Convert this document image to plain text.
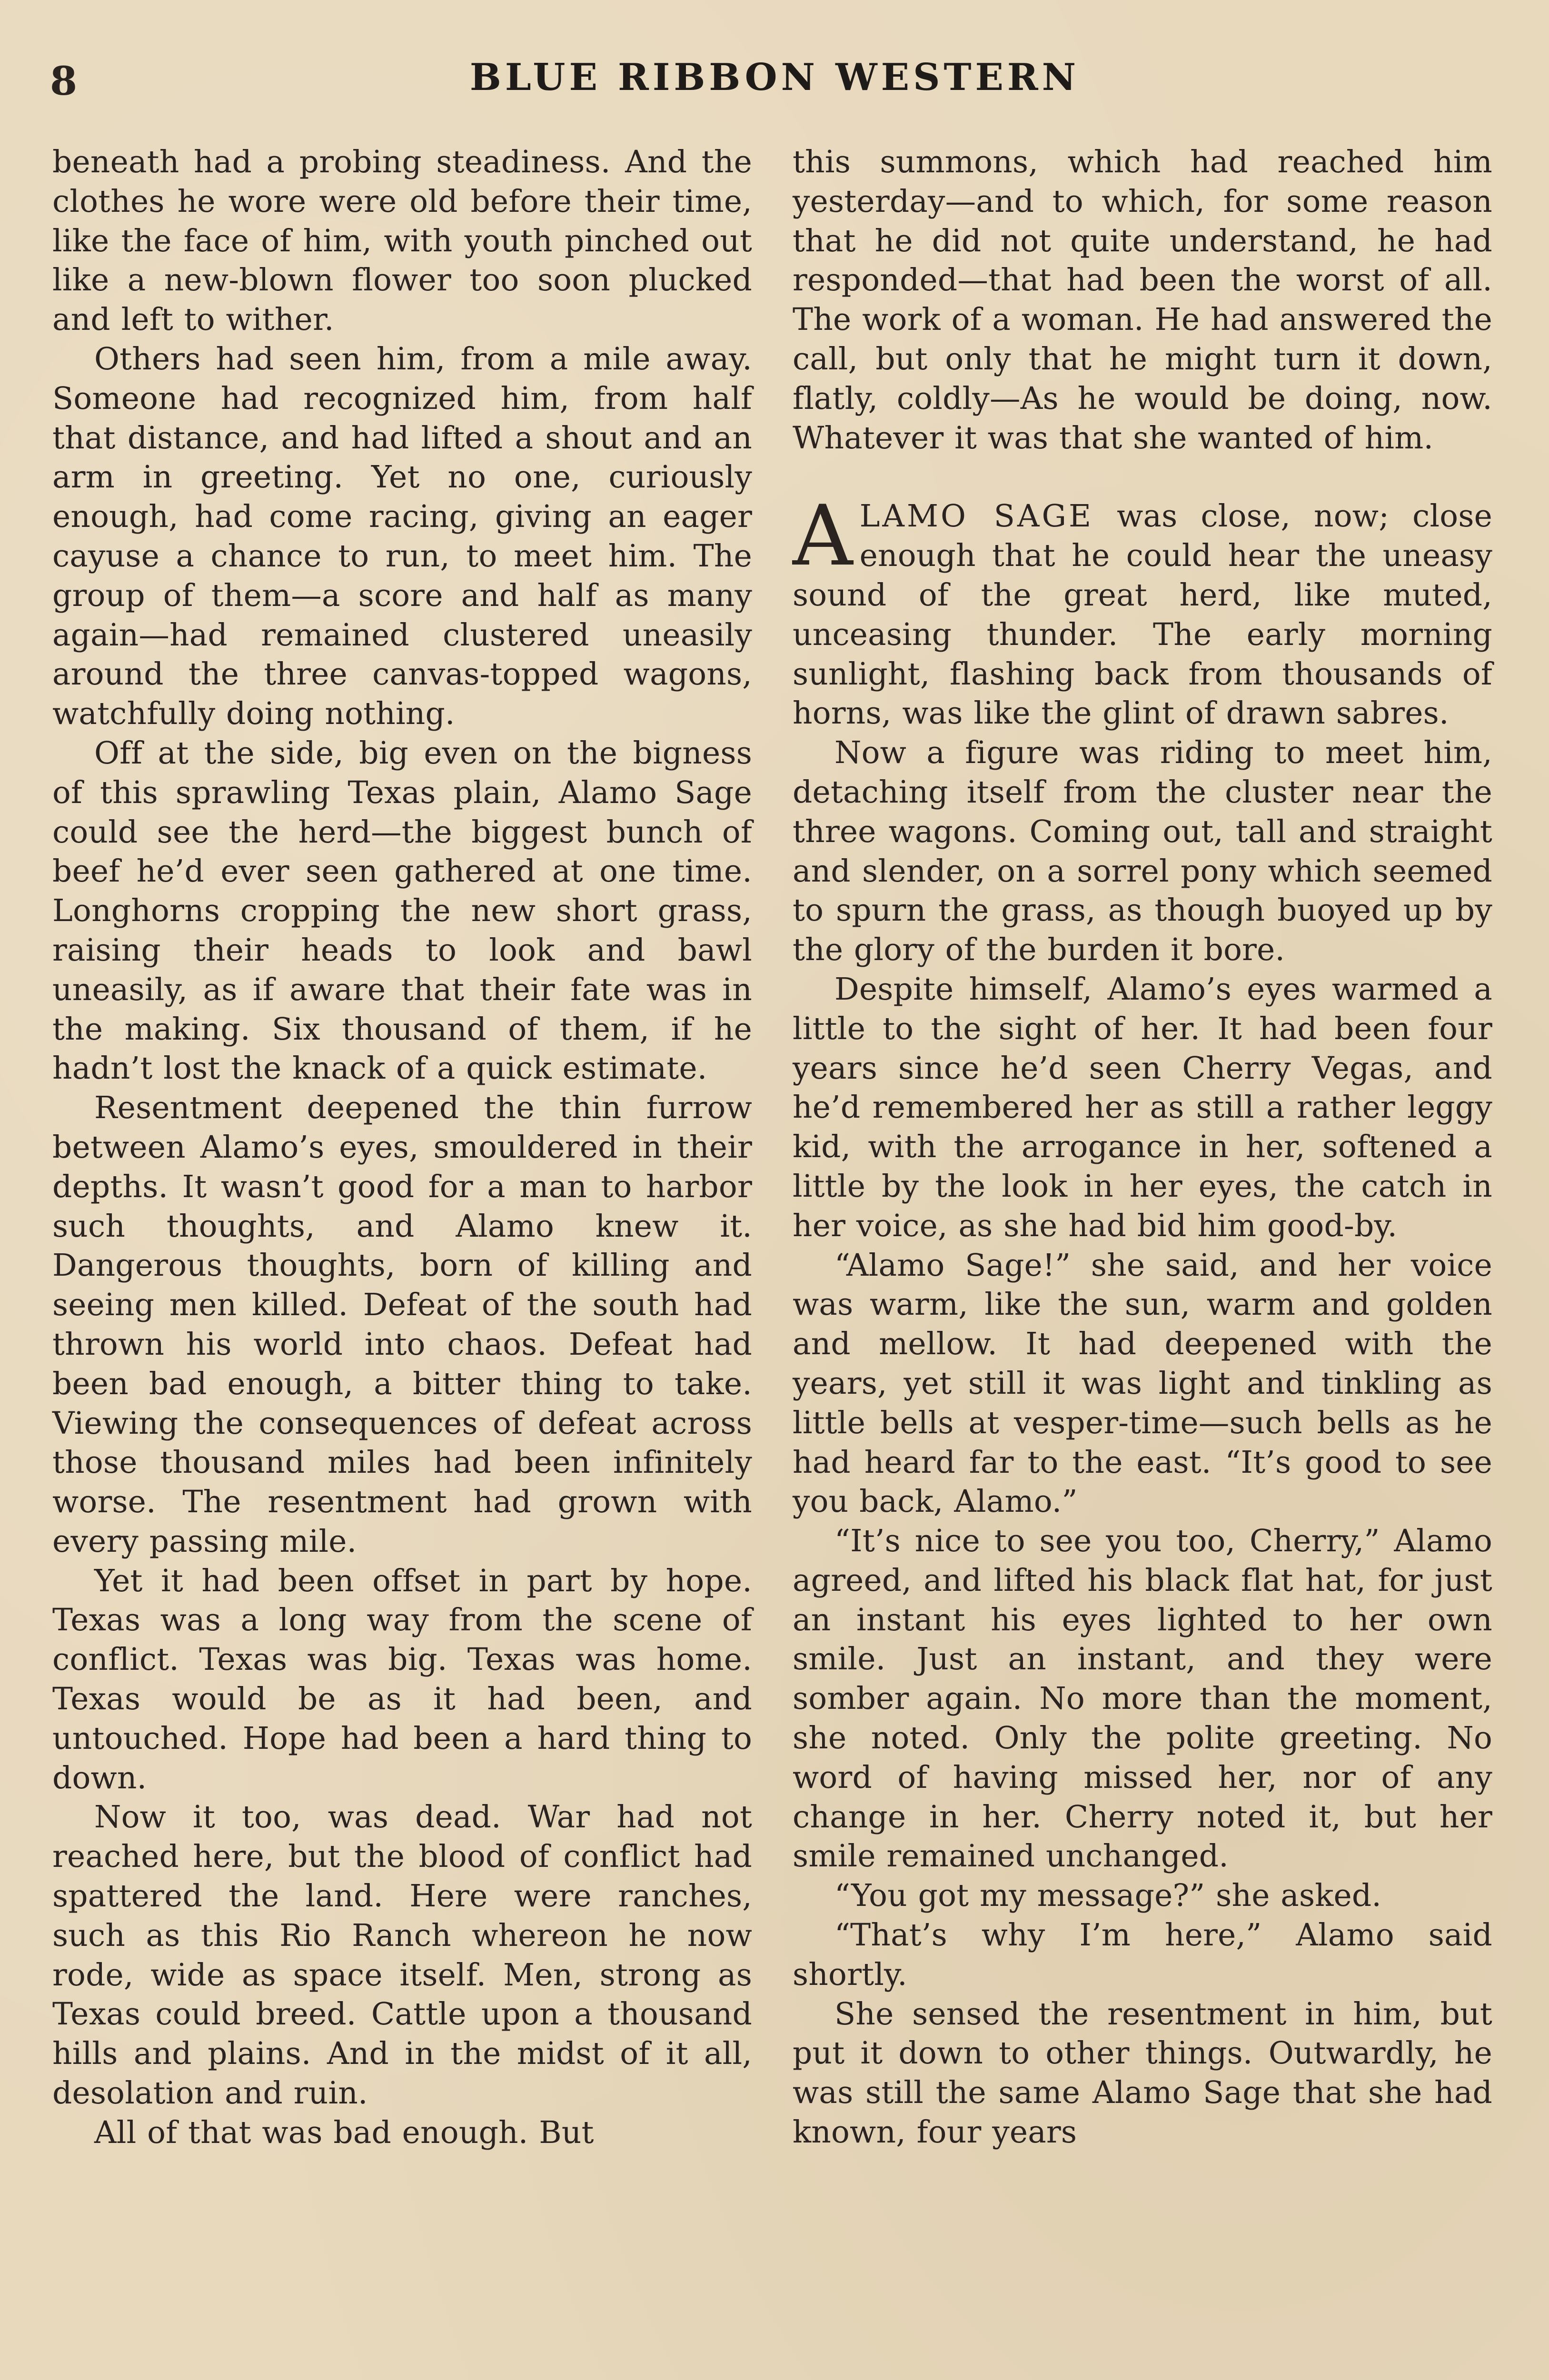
8	BLUE RIBBON WESTERN

beneath had a probing steadiness. And the clothes he wore were old before their time, like the face of him, with youth pinched out like a new-blown flower too soon plucked and left to wither.

Others had seen him, from a mile away. Someone had recognized him, from half that distance, and had lifted a shout and an arm in greeting. Yet no one, curiously enough, had come racing, giving an eager cayuse a chance to run, to meet him. The group of them—a score and half as many again—had remained clustered uneasily around the three canvas-topped wagons, watchfully doing nothing.

Off at the side, big even on the bigness of this sprawling Texas plain, Alamo Sage could see the herd—the biggest bunch of beef he’d ever seen gathered at one time. Longhorns cropping the new short grass, raising their heads to look and bawl uneasily, as if aware that their fate was in the making. Six thousand of them, if he hadn’t lost the knack of a quick estimate.

Resentment deepened the thin furrow between Alamo’s eyes, smouldered in their depths. It wasn’t good for a man to harbor such thoughts, and Alamo knew it. Dangerous thoughts, born of killing and seeing men killed. Defeat of the south had thrown his world into chaos. Defeat had been bad enough, a bitter thing to take. Viewing the consequences of defeat across those thousand miles had been infinitely worse. The resentment had grown with every passing mile.

Yet it had been offset in part by hope. Texas was a long way from the scene of conflict. Texas was big. Texas was home. Texas would be as it had been, and untouched. Hope had been a hard thing to down.

Now it too, was dead. War had not reached here, but the blood of conflict had spattered the land. Here were ranches, such as this Rio Ranch whereon he now rode, wide as space itself. Men, strong as Texas could breed. Cattle upon a thousand hills and plains. And in the midst of it all, desolation and ruin.

All of that was bad enough. But

this summons, which had reached him yesterday—and to which, for some reason that he did not quite understand, he had responded—that had been the worst of all. The work of a woman. He had answered the call, but only that he might turn it down, flatly, coldly—As he would be doing, now. Whatever it was that she wanted of him.

ALAMO SAGE was close, now; close enough that he could hear the uneasy sound of the great herd, like muted, unceasing thunder. The early morning sunlight, flashing back from thousands of horns, was like the glint of drawn sabres.

Now a figure was riding to meet him, detaching itself from the cluster near the three wagons. Coming out, tall and straight and slender, on a sorrel pony which seemed to spurn the grass, as though buoyed up by the glory of the burden it bore.

Despite himself, Alamo’s eyes warmed a little to the sight of her. It had been four years since he’d seen Cherry Vegas, and he’d remembered her as still a rather leggy kid, with the arrogance in her, softened a little by the look in her eyes, the catch in her voice, as she had bid him good-by.

“Alamo Sage!” she said, and her voice was warm, like the sun, warm and golden and mellow. It had deepened with the years, yet still it was light and tinkling as little bells at vesper-time—such bells as he had heard far to the east. “It’s good to see you back, Alamo.”

“It’s nice to see you too, Cherry,” Alamo agreed, and lifted his black flat hat, for just an instant his eyes lighted to her own smile. Just an instant, and they were somber again. No more than the moment, she noted. Only the polite greeting. No word of having missed her, nor of any change in her. Cherry noted it, but her smile remained unchanged.

“You got my message?” she asked.

“That’s why I’m here,” Alamo said shortly.

She sensed the resentment in him, but put it down to other things. Outwardly, he was still the same Alamo Sage that she had known, four years
